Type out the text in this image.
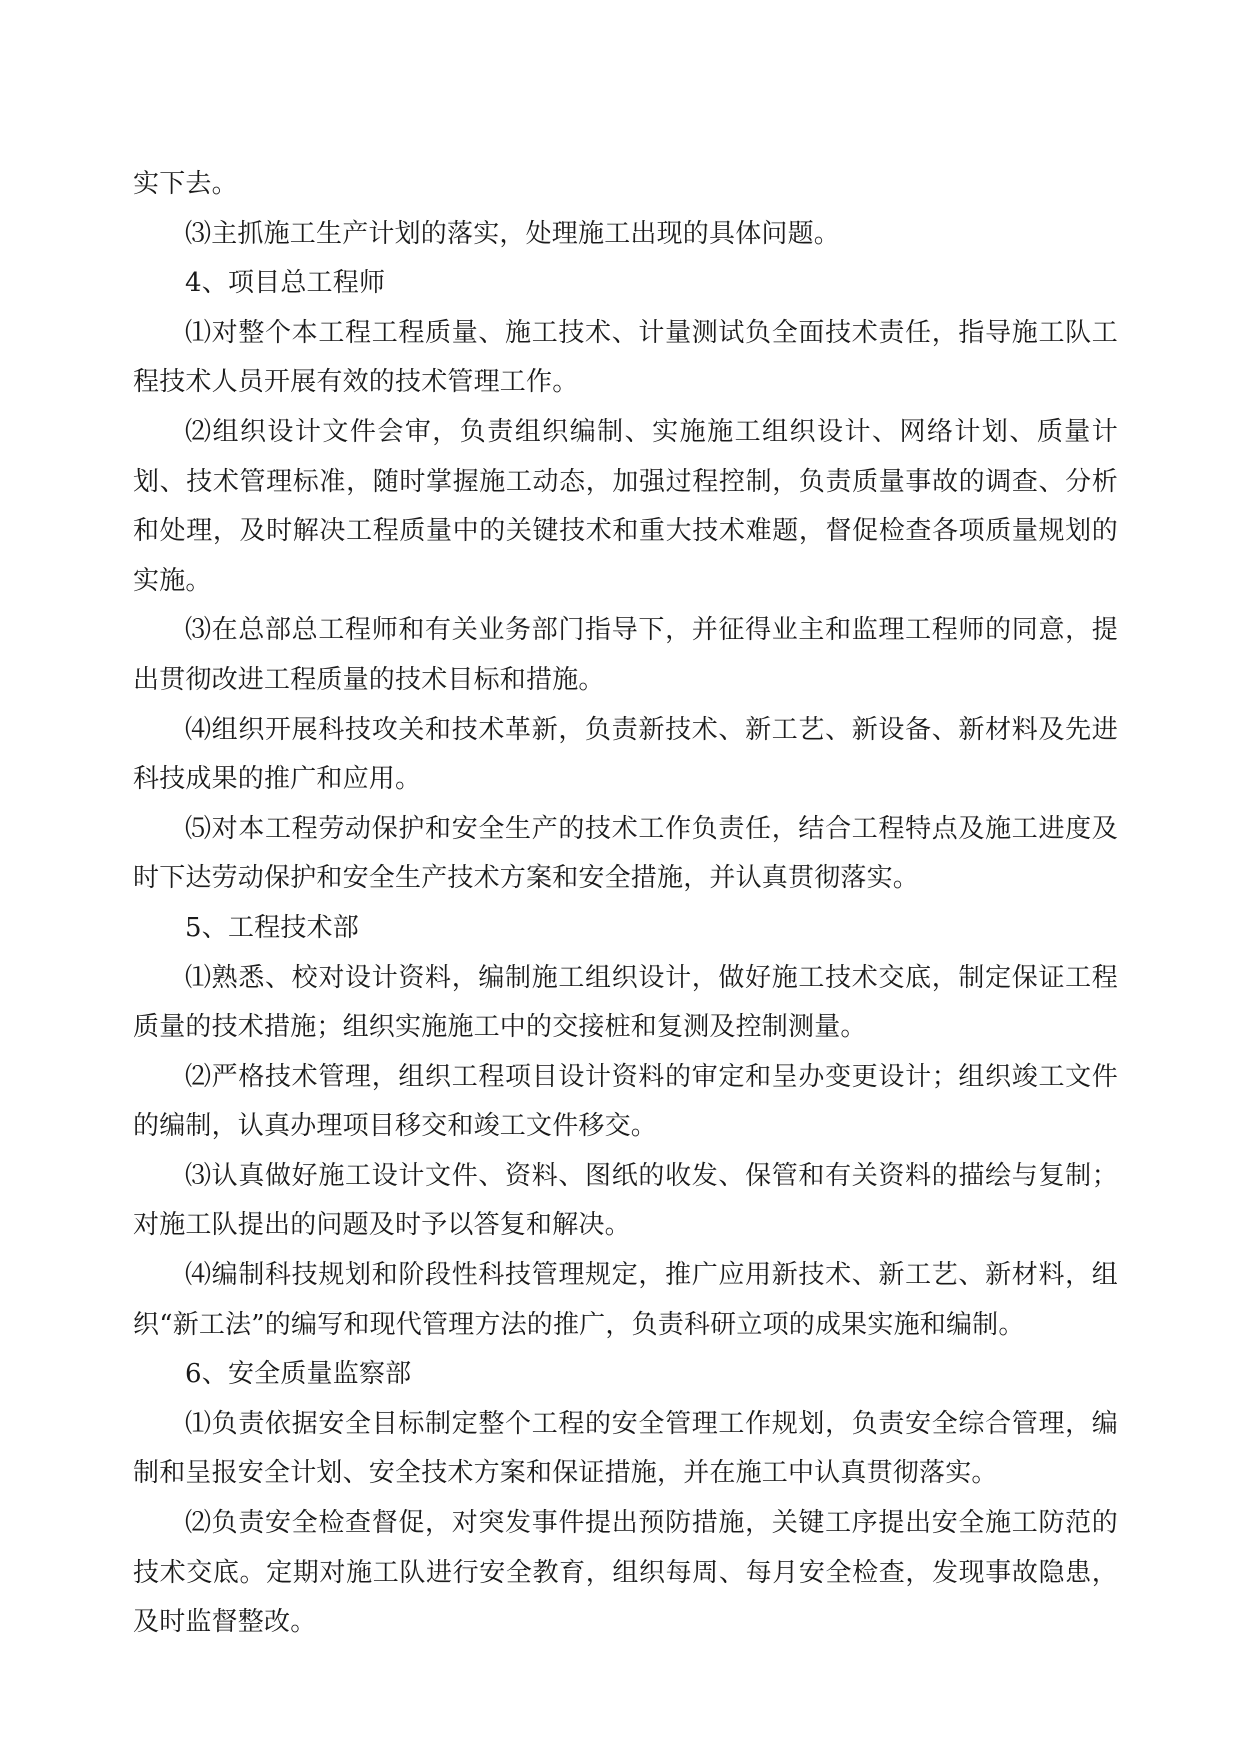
实下去。

⑶主抓施工生产计划的落实，处理施工出现的具体问题。

4、项目总工程师

⑴对整个本工程工程质量、施工技术、计量测试负全面技术责任，指导施工队工程技术人员开展有效的技术管理工作。

⑵组织设计文件会审，负责组织编制、实施施工组织设计、网络计划、质量计划、技术管理标准，随时掌握施工动态，加强过程控制，负责质量事故的调查、分析和处理，及时解决工程质量中的关键技术和重大技术难题，督促检查各项质量规划的实施。

⑶在总部总工程师和有关业务部门指导下，并征得业主和监理工程师的同意，提出贯彻改进工程质量的技术目标和措施。

⑷组织开展科技攻关和技术革新，负责新技术、新工艺、新设备、新材料及先进科技成果的推广和应用。

⑸对本工程劳动保护和安全生产的技术工作负责任，结合工程特点及施工进度及时下达劳动保护和安全生产技术方案和安全措施，并认真贯彻落实。

5、工程技术部

⑴熟悉、校对设计资料，编制施工组织设计，做好施工技术交底，制定保证工程质量的技术措施；组织实施施工中的交接桩和复测及控制测量。

⑵严格技术管理，组织工程项目设计资料的审定和呈办变更设计；组织竣工文件的编制，认真办理项目移交和竣工文件移交。

⑶认真做好施工设计文件、资料、图纸的收发、保管和有关资料的描绘与复制；对施工队提出的问题及时予以答复和解决。

⑷编制科技规划和阶段性科技管理规定，推广应用新技术、新工艺、新材料，组织“新工法”的编写和现代管理方法的推广，负责科研立项的成果实施和编制。

6、安全质量监察部

⑴负责依据安全目标制定整个工程的安全管理工作规划，负责安全综合管理，编制和呈报安全计划、安全技术方案和保证措施，并在施工中认真贯彻落实。

⑵负责安全检查督促，对突发事件提出预防措施，关键工序提出安全施工防范的技术交底。定期对施工队进行安全教育，组织每周、每月安全检查，发现事故隐患，及时监督整改。
